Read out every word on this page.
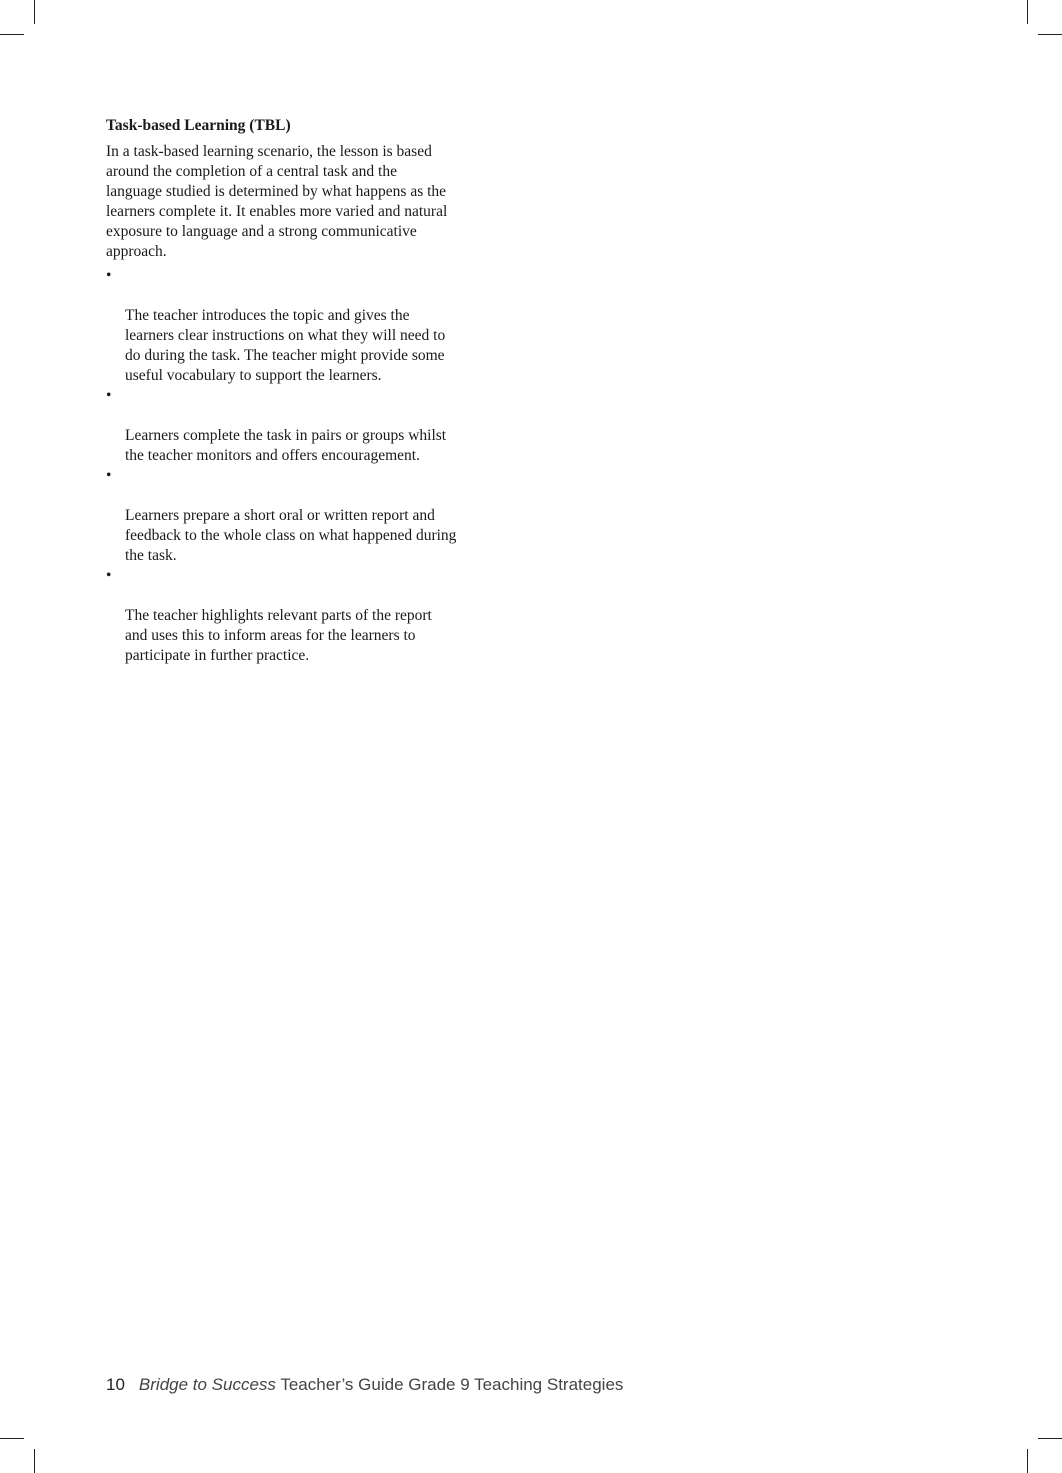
Task-based Learning (TBL)

In a task-based learning scenario, the lesson is based
around the completion of a central task and the
language studied is determined by what happens as the
learners complete it. It enables more varied and natural
exposure to language and a strong communicative
approach.

•

The teacher introduces the topic and gives the
learners clear instructions on what they will need to
do during the task. The teacher might provide some
useful vocabulary to support the learners.

•

Learners complete the task in pairs or groups whilst
the teacher monitors and offers encouragement.

•

Learners prepare a short oral or written report and
feedback to the whole class on what happened during
the task.

•

The teacher highlights relevant parts of the report
and uses this to inform areas for the learners to
participate in further practice.

10 Bridge to Success Teacher’s Guide Grade 9 Teaching Strategies
